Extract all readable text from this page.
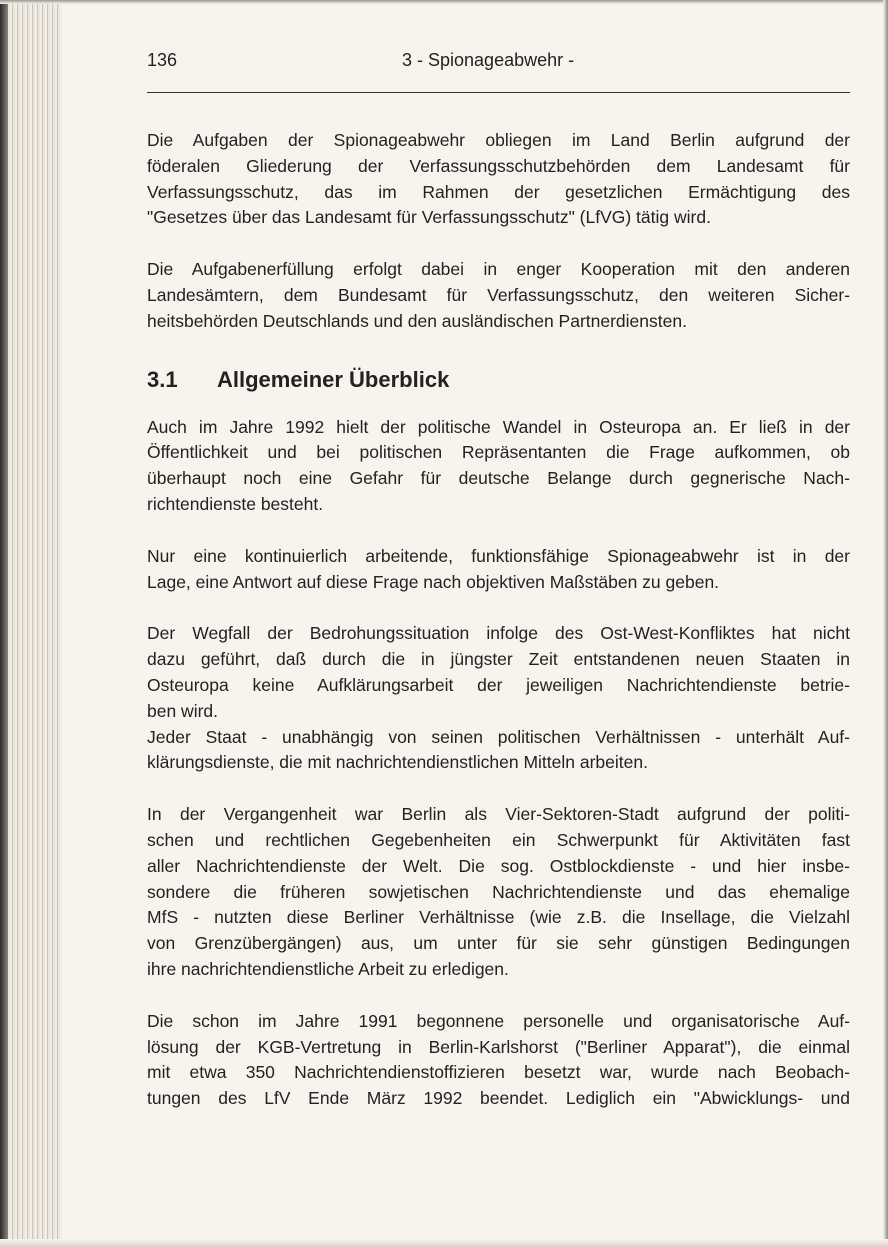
136	3 - Spionageabwehr -

Die Aufgaben der Spionageabwehr obliegen im Land Berlin aufgrund der
föderalen Gliederung der Verfassungsschutzbehörden dem Landesamt für
Verfassungsschutz, das im Rahmen der gesetzlichen Ermächtigung des
"Gesetzes über das Landesamt für Verfassungsschutz" (LfVG) tätig wird.

Die Aufgabenerfüllung erfolgt dabei in enger Kooperation mit den anderen
Landesämtern, dem Bundesamt für Verfassungsschutz, den weiteren Sicher-
heitsbehörden Deutschlands und den ausländischen Partnerdiensten.

3.1 Allgemeiner Überblick

Auch im Jahre 1992 hielt der politische Wandel in Osteuropa an. Er ließ in der
Öffentlichkeit und bei politischen Repräsentanten die Frage aufkommen, ob
überhaupt noch eine Gefahr für deutsche Belange durch gegnerische Nach-
richtendienste besteht.

Nur eine kontinuierlich arbeitende, funktionsfähige Spionageabwehr ist in der
Lage, eine Antwort auf diese Frage nach objektiven Maßstäben zu geben.

Der Wegfall der Bedrohungssituation infolge des Ost-West-Konfliktes hat nicht
dazu geführt, daß durch die in jüngster Zeit entstandenen neuen Staaten in
Osteuropa keine Aufklärungsarbeit der jeweiligen Nachrichtendienste betrie-
ben wird.

Jeder Staat - unabhängig von seinen politischen Verhältnissen - unterhält Auf-
klärungsdienste, die mit nachrichtendienstlichen Mitteln arbeiten.

In der Vergangenheit war Berlin als Vier-Sektoren-Stadt aufgrund der politi-
schen und rechtlichen Gegebenheiten ein Schwerpunkt für Aktivitäten fast
aller Nachrichtendienste der Welt. Die sog. Ostblockdienste - und hier insbe-
sondere die früheren sowjetischen Nachrichtendienste und das ehemalige
MfS - nutzten diese Berliner Verhältnisse (wie z.B. die Insellage, die Vielzahl
von Grenzübergängen) aus, um unter für sie sehr günstigen Bedingungen
ihre nachrichtendienstliche Arbeit zu erledigen.

Die schon im Jahre 1991 begonnene personelle und organisatorische Auf-
lösung der KGB-Vertretung in Berlin-Karlshorst ("Berliner Apparat"), die einmal
mit etwa 350 Nachrichtendienstoffizieren besetzt war, wurde nach Beobach-
tungen des LfV Ende März 1992 beendet. Lediglich ein "Abwicklungs- und
